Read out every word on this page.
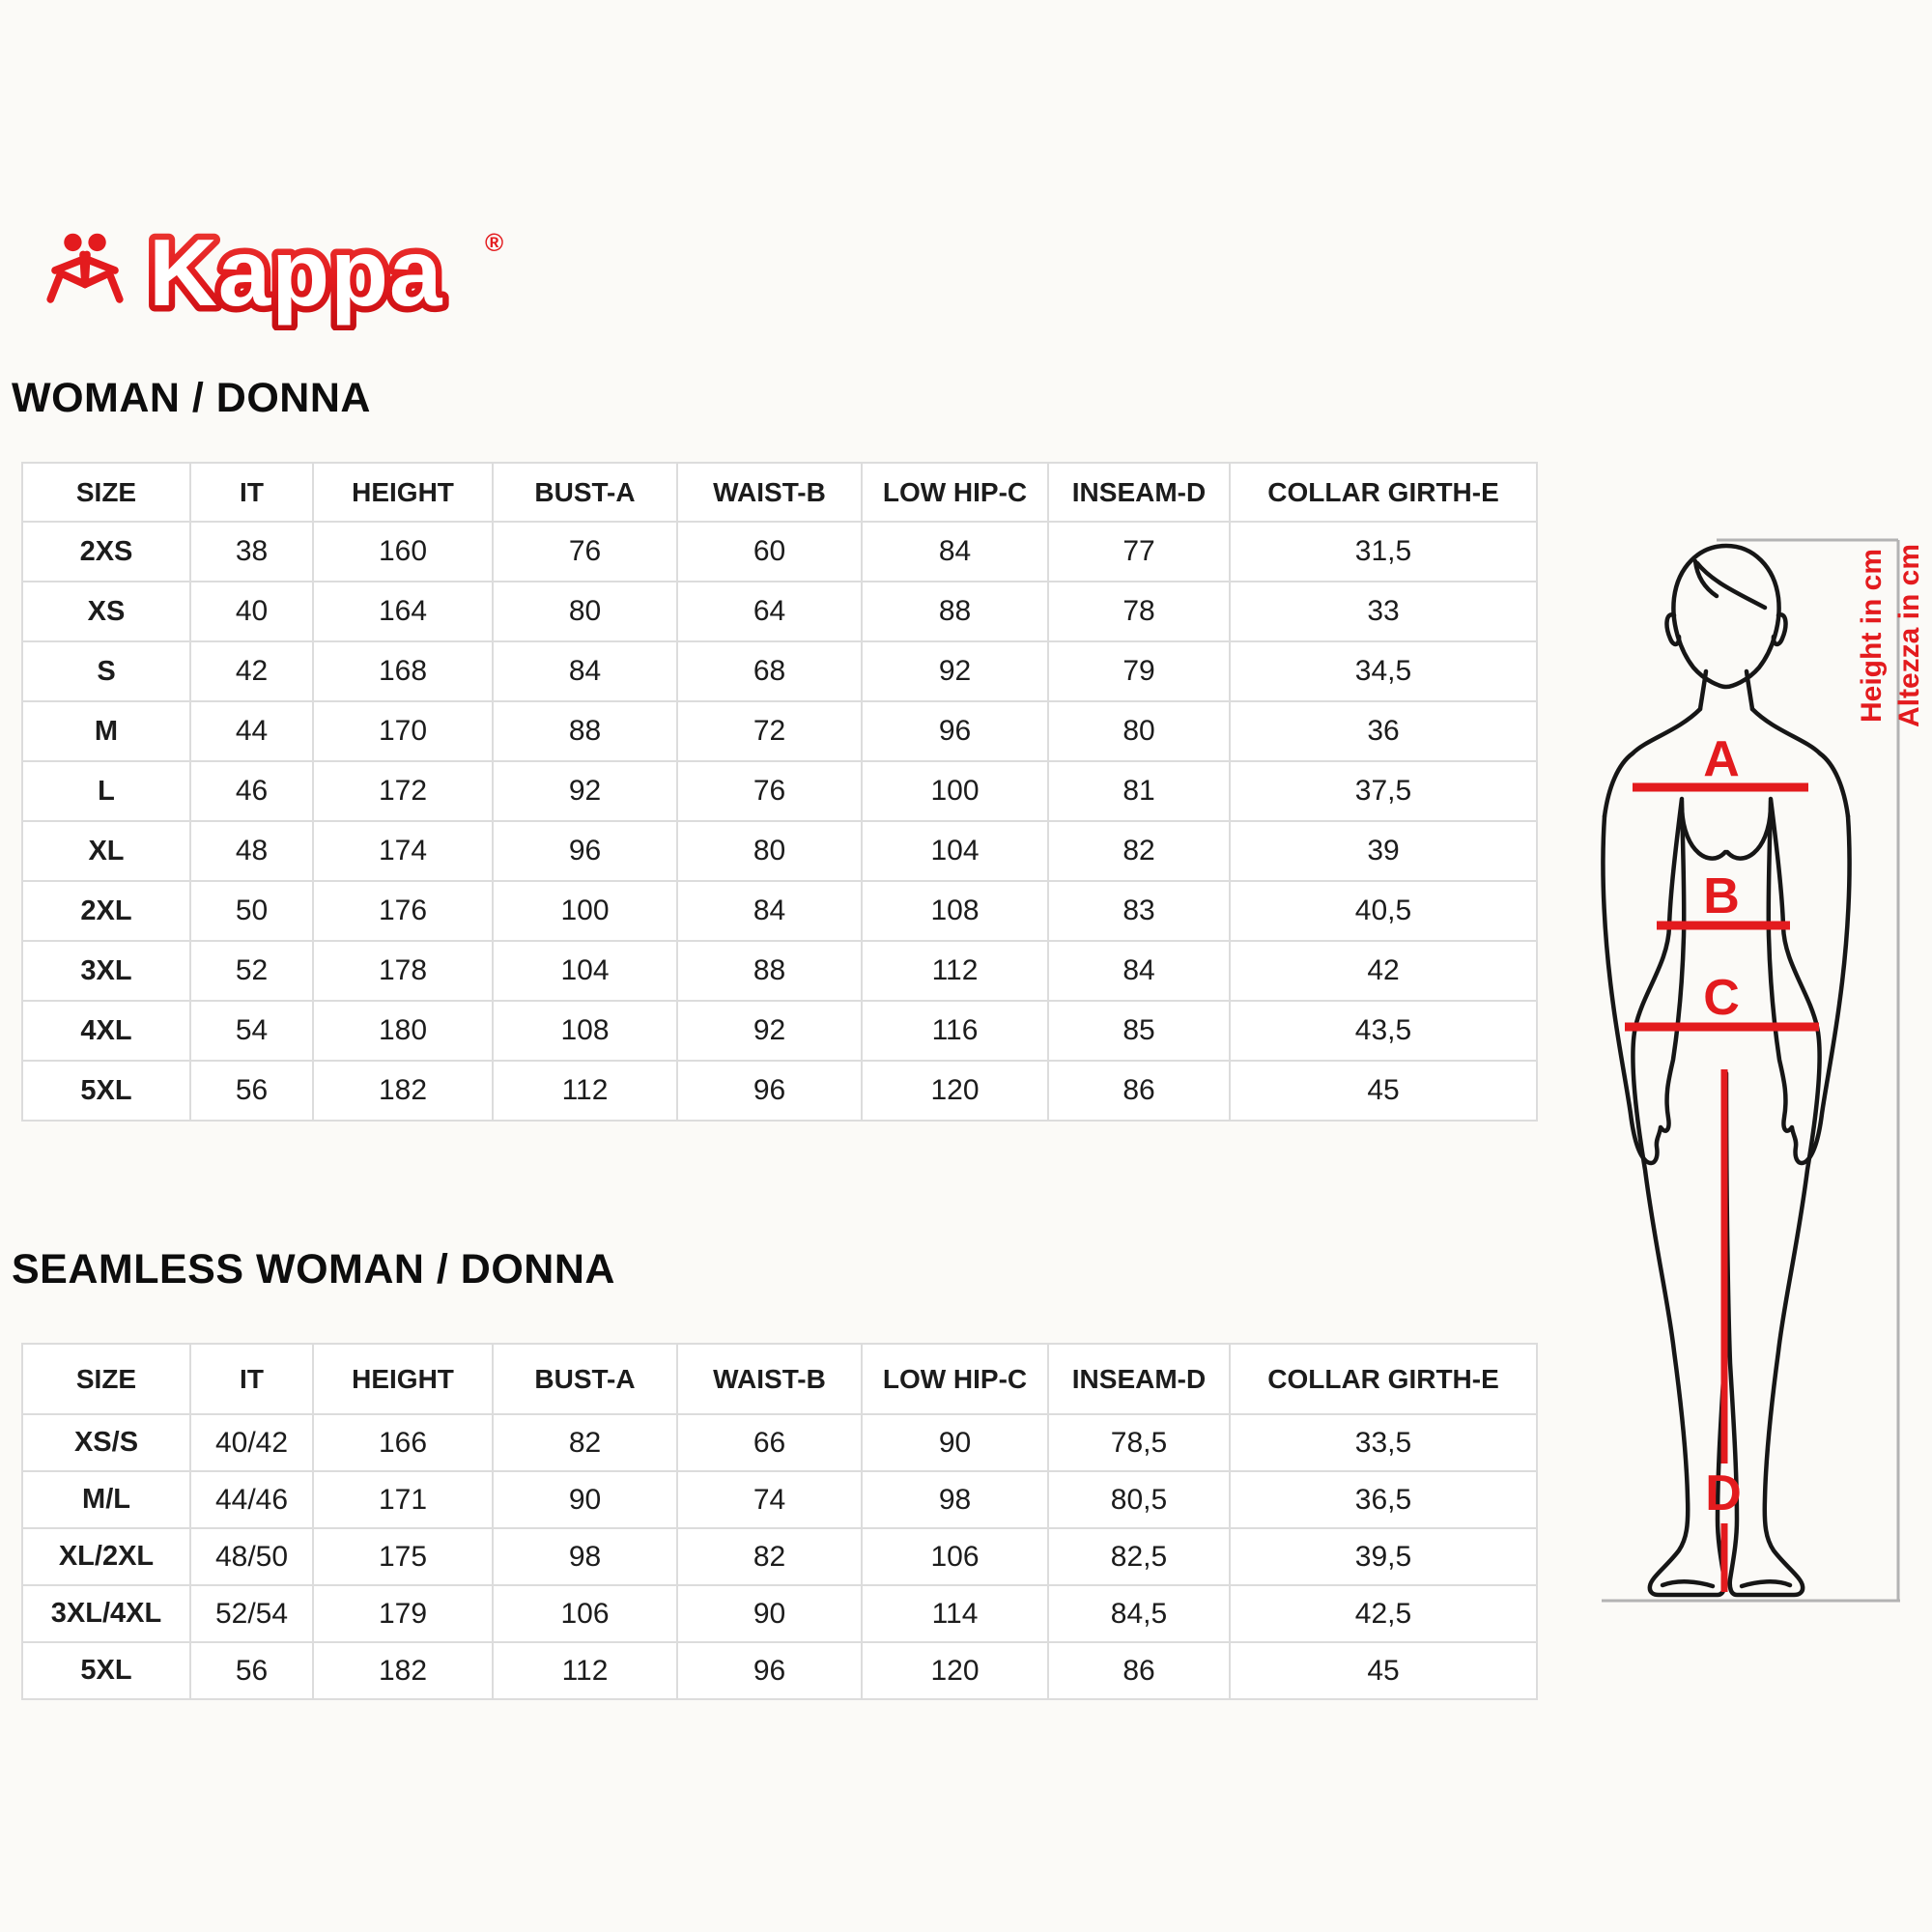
Kappa ®
WOMAN / DONNA
SIZE	IT	HEIGHT	BUST-A	WAIST-B	LOW HIP-C	INSEAM-D	COLLAR GIRTH-E
2XS	38	160	76	60	84	77	31,5
XS	40	164	80	64	88	78	33
S	42	168	84	68	92	79	34,5
M	44	170	88	72	96	80	36
L	46	172	92	76	100	81	37,5
XL	48	174	96	80	104	82	39
2XL	50	176	100	84	108	83	40,5
3XL	52	178	104	88	112	84	42
4XL	54	180	108	92	116	85	43,5
5XL	56	182	112	96	120	86	45
SEAMLESS WOMAN / DONNA
SIZE	IT	HEIGHT	BUST-A	WAIST-B	LOW HIP-C	INSEAM-D	COLLAR GIRTH-E
XS/S	40/42	166	82	66	90	78,5	33,5
M/L	44/46	171	90	74	98	80,5	36,5
XL/2XL	48/50	175	98	82	106	82,5	39,5
3XL/4XL	52/54	179	106	90	114	84,5	42,5
5XL	56	182	112	96	120	86	45
A
B
C
D
Height in cm Altezza in cm
